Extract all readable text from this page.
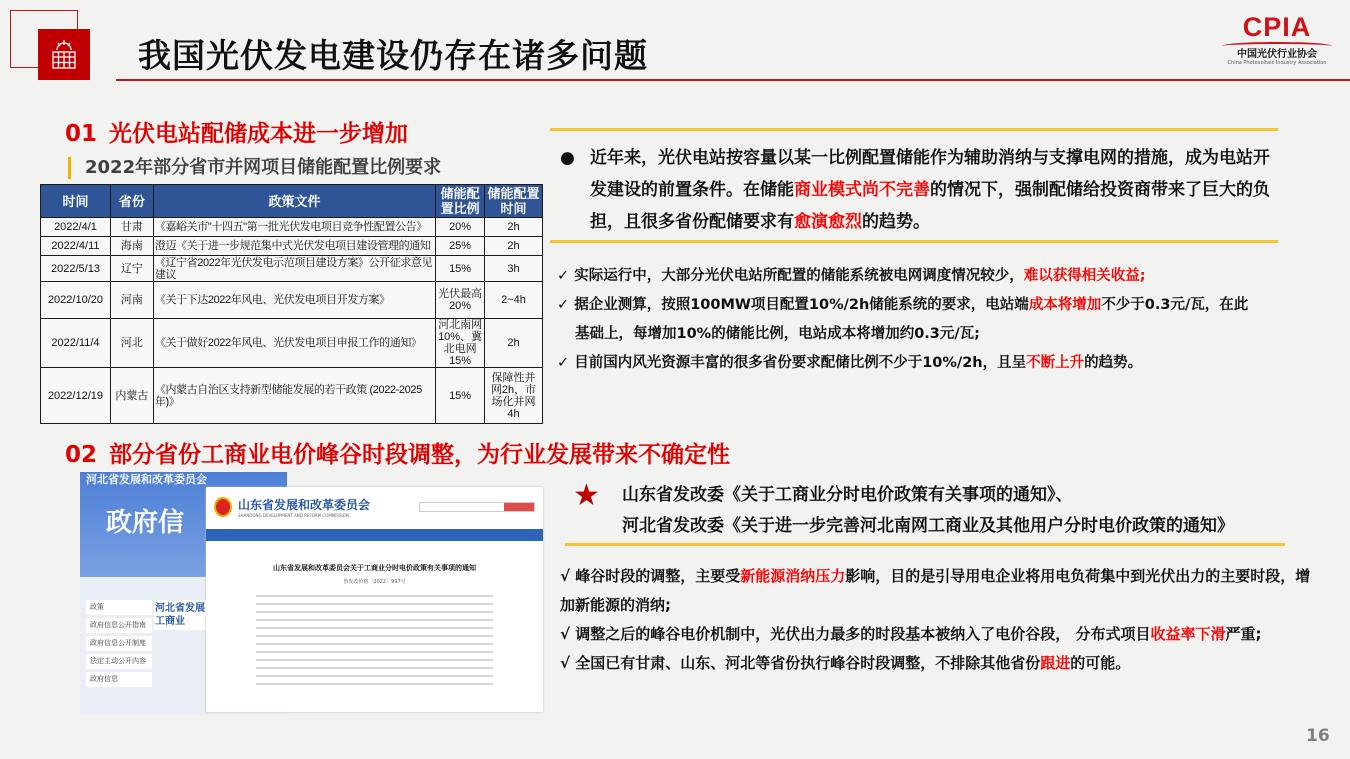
我国光伏发电建设仍存在诸多问题
CPIA
中国光伏行业协会
China Photovoltaic Industry Association
01 光伏电站配储成本进一步增加
2022年部分省市并网项目储能配置比例要求
时间	省份	政策文件	储能配置比例	储能配置时间
2022/4/1	甘肃	《嘉峪关市"十四五"第一批光伏发电项目竞争性配置公告》	20%	2h
2022/4/11	海南	澄迈《关于进一步规范集中式光伏发电项目建设管理的通知	25%	2h
2022/5/13	辽宁	《辽宁省2022年光伏发电示范项目建设方案》公开征求意见建议	15%	3h
2022/10/20	河南	《关于下达2022年风电、光伏发电项目开发方案》	光伏最高20%	2~4h
2022/11/4	河北	《关于做好2022年风电、光伏发电项目申报工作的通知》	河北南网10%、冀北电网15%	2h
2022/12/19	内蒙古	《内蒙古自治区支持新型储能发展的若干政策 (2022-2025年)》	15%	保障性并网2h，市场化并网4h
● 近年来，光伏电站按容量以某一比例配置储能作为辅助消纳与支撑电网的措施，成为电站开发建设的前置条件。在储能商业模式尚不完善的情况下，强制配储给投资商带来了巨大的负担，且很多省份配储要求有愈演愈烈的趋势。
✓ 实际运行中，大部分光伏电站所配置的储能系统被电网调度情况较少，难以获得相关收益;
✓ 据企业测算，按照100MW项目配置10%/2h储能系统的要求，电站端成本将增加不少于0.3元/瓦，在此基础上，每增加10%的储能比例，电站成本将增加约0.3元/瓦;
✓ 目前国内风光资源丰富的很多省份要求配储比例不少于10%/2h，且呈不断上升的趋势。
02 部分省份工商业电价峰谷时段调整，为行业发展带来不确定性
河北省发展和改革委员会
政府信
政策
政府信息公开指南
政府信息公开制度
法定主动公开内容
政府信息
河北省发展 工商业
山东省发展和改革委员会
SHANDONG DEVELOPMENT AND REFORM COMMISSION
山东省发展和改革委员会关于工商业分时电价政策有关事项的通知
鲁发改价格〔2022〕997号
★ 山东省发改委《关于工商业分时电价政策有关事项的通知》、
河北省发改委《关于进一步完善河北南网工商业及其他用户分时电价政策的通知》
√ 峰谷时段的调整，主要受新能源消纳压力影响，目的是引导用电企业将用电负荷集中到光伏出力的主要时段，增加新能源的消纳;
√ 调整之后的峰谷电价机制中，光伏出力最多的时段基本被纳入了电价谷段， 分布式项目收益率下滑严重;
√ 全国已有甘肃、山东、河北等省份执行峰谷时段调整，不排除其他省份跟进的可能。
16
